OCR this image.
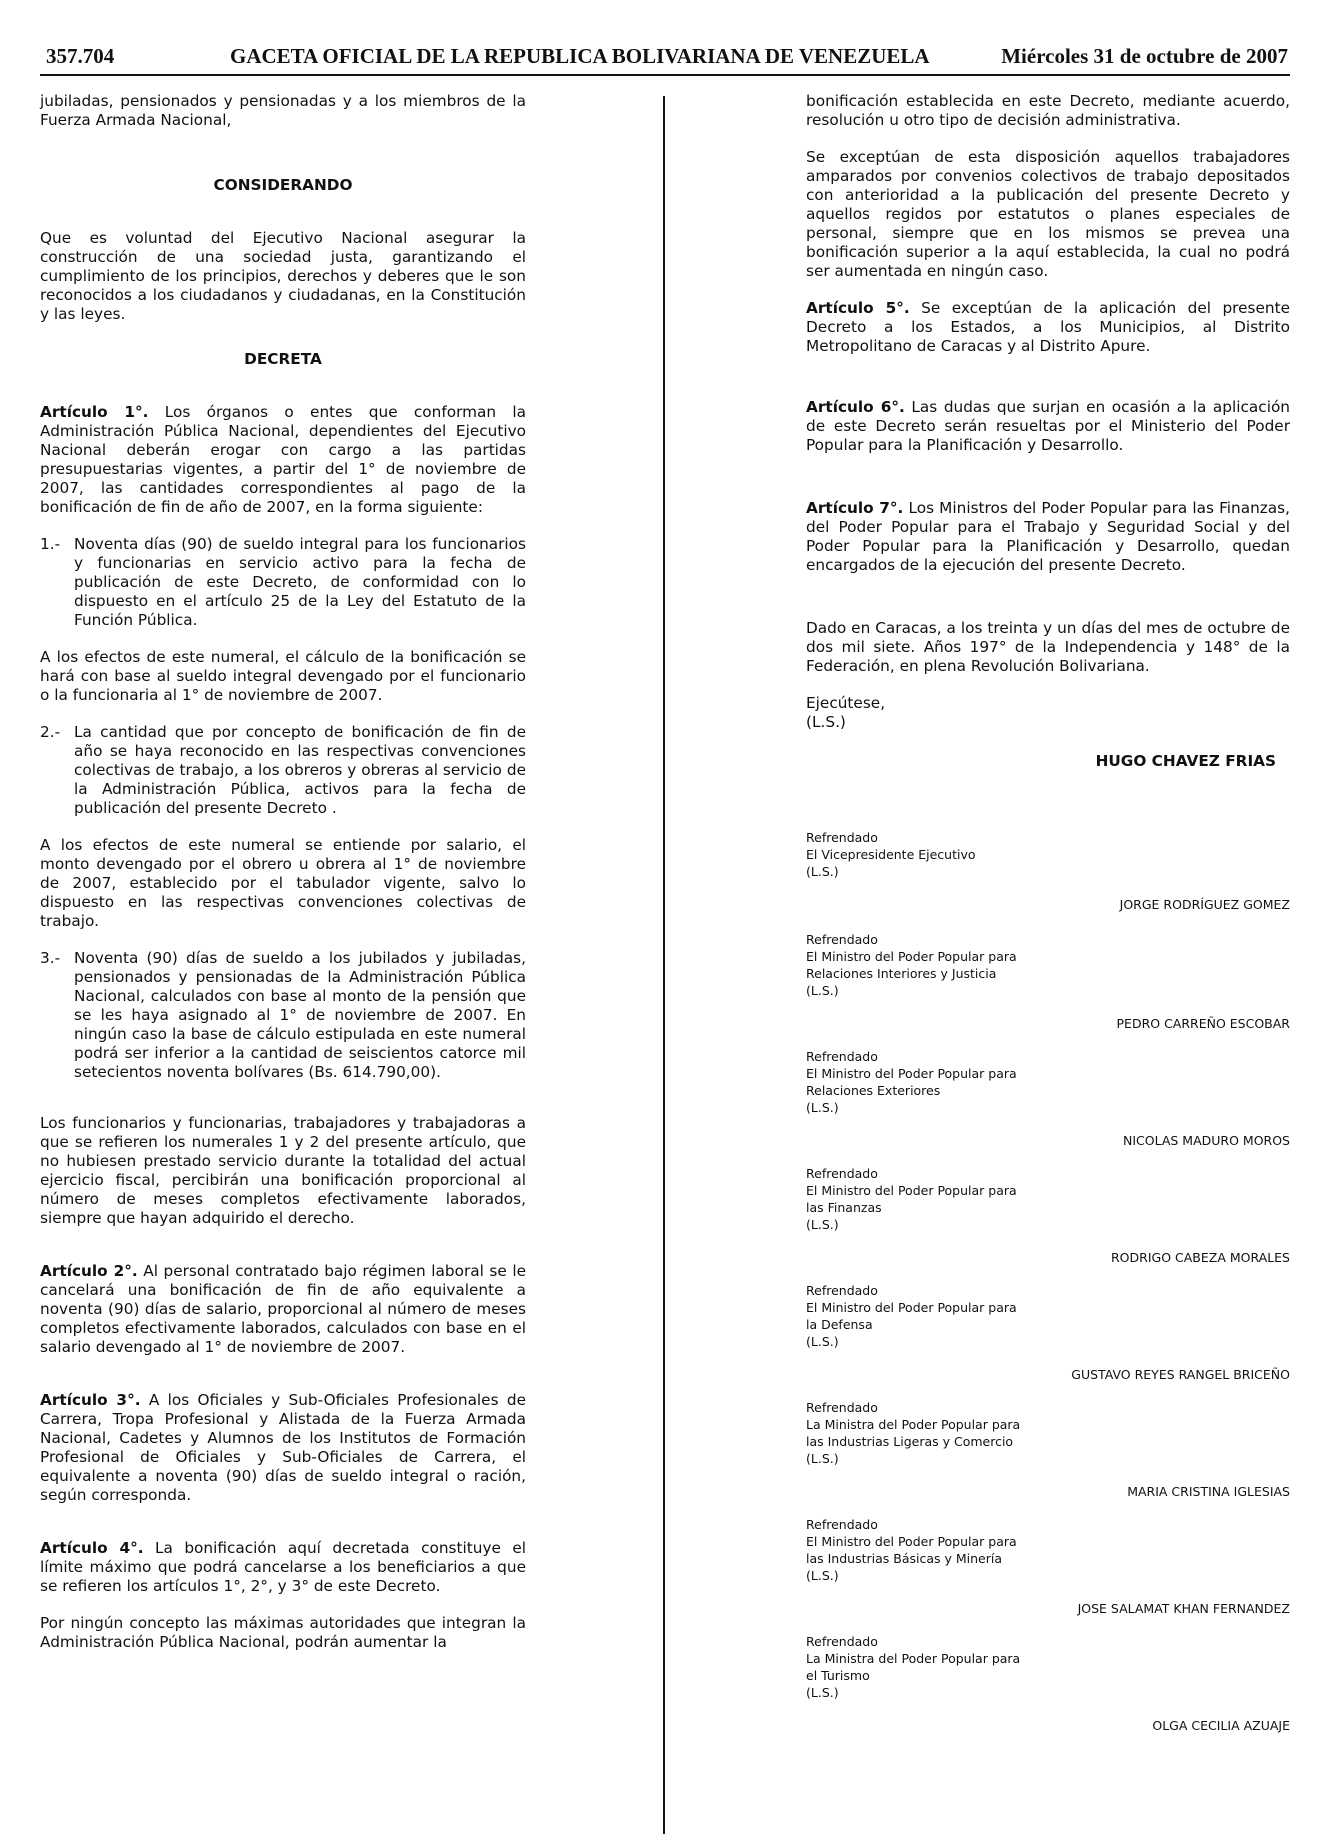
357.704	GACETA OFICIAL DE LA REPUBLICA BOLIVARIANA DE VENEZUELA	Miércoles 31 de octubre de 2007

jubiladas, pensionados y pensionadas y a los miembros de la Fuerza Armada Nacional,

CONSIDERANDO

Que es voluntad del Ejecutivo Nacional asegurar la construcción de una sociedad justa, garantizando el cumplimiento de los principios, derechos y deberes que le son reconocidos a los ciudadanos y ciudadanas, en la Constitución y las leyes.

DECRETA

Artículo 1°. Los órganos o entes que conforman la Administración Pública Nacional, dependientes del Ejecutivo Nacional deberán erogar con cargo a las partidas presupuestarias vigentes, a partir del 1° de noviembre de 2007, las cantidades correspondientes al pago de la bonificación de fin de año de 2007, en la forma siguiente:

1.- Noventa días (90) de sueldo integral para los funcionarios y funcionarias en servicio activo para la fecha de publicación de este Decreto, de conformidad con lo dispuesto en el artículo 25 de la Ley del Estatuto de la Función Pública.

A los efectos de este numeral, el cálculo de la bonificación se hará con base al sueldo integral devengado por el funcionario o la funcionaria al 1° de noviembre de 2007.

2.- La cantidad que por concepto de bonificación de fin de año se haya reconocido en las respectivas convenciones colectivas de trabajo, a los obreros y obreras al servicio de la Administración Pública, activos para la fecha de publicación del presente Decreto .

A los efectos de este numeral se entiende por salario, el monto devengado por el obrero u obrera al 1° de noviembre de 2007, establecido por el tabulador vigente, salvo lo dispuesto en las respectivas convenciones colectivas de trabajo.

3.- Noventa (90) días de sueldo a los jubilados y jubiladas, pensionados y pensionadas de la Administración Pública Nacional, calculados con base al monto de la pensión que se les haya asignado al 1° de noviembre de 2007. En ningún caso la base de cálculo estipulada en este numeral podrá ser inferior a la cantidad de seiscientos catorce mil setecientos noventa bolívares (Bs. 614.790,00).

Los funcionarios y funcionarias, trabajadores y trabajadoras a que se refieren los numerales 1 y 2 del presente artículo, que no hubiesen prestado servicio durante la totalidad del actual ejercicio fiscal, percibirán una bonificación proporcional al número de meses completos efectivamente laborados, siempre que hayan adquirido el derecho.

Artículo 2°. Al personal contratado bajo régimen laboral se le cancelará una bonificación de fin de año equivalente a noventa (90) días de salario, proporcional al número de meses completos efectivamente laborados, calculados con base en el salario devengado al 1° de noviembre de 2007.

Artículo 3°. A los Oficiales y Sub-Oficiales Profesionales de Carrera, Tropa Profesional y Alistada de la Fuerza Armada Nacional, Cadetes y Alumnos de los Institutos de Formación Profesional de Oficiales y Sub-Oficiales de Carrera, el equivalente a noventa (90) días de sueldo integral o ración, según corresponda.

Artículo 4°. La bonificación aquí decretada constituye el límite máximo que podrá cancelarse a los beneficiarios a que se refieren los artículos 1°, 2°, y 3° de este Decreto.

Por ningún concepto las máximas autoridades que integran la Administración Pública Nacional, podrán aumentar la

bonificación establecida en este Decreto, mediante acuerdo, resolución u otro tipo de decisión administrativa.

Se exceptúan de esta disposición aquellos trabajadores amparados por convenios colectivos de trabajo depositados con anterioridad a la publicación del presente Decreto y aquellos regidos por estatutos o planes especiales de personal, siempre que en los mismos se prevea una bonificación superior a la aquí establecida, la cual no podrá ser aumentada en ningún caso.

Artículo 5°. Se exceptúan de la aplicación del presente Decreto a los Estados, a los Municipios, al Distrito Metropolitano de Caracas y al Distrito Apure.

Artículo 6°. Las dudas que surjan en ocasión a la aplicación de este Decreto serán resueltas por el Ministerio del Poder Popular para la Planificación y Desarrollo.

Artículo 7°. Los Ministros del Poder Popular para las Finanzas, del Poder Popular para el Trabajo y Seguridad Social y del Poder Popular para la Planificación y Desarrollo, quedan encargados de la ejecución del presente Decreto.

Dado en Caracas, a los treinta y un días del mes de octubre de dos mil siete. Años 197° de la Independencia y 148° de la Federación, en plena Revolución Bolivariana.

Ejecútese,

(L.S.)

HUGO CHAVEZ FRIAS

Refrendado
El Vicepresidente Ejecutivo
(L.S.)
JORGE RODRÍGUEZ GOMEZ
Refrendado
El Ministro del Poder Popular para
Relaciones Interiores y Justicia
(L.S.)
PEDRO CARREÑO ESCOBAR
Refrendado
El Ministro del Poder Popular para
Relaciones Exteriores
(L.S.)
NICOLAS MADURO MOROS
Refrendado
El Ministro del Poder Popular para
las Finanzas
(L.S.)
RODRIGO CABEZA MORALES
Refrendado
El Ministro del Poder Popular para
la Defensa
(L.S.)
GUSTAVO REYES RANGEL BRICEÑO
Refrendado
La Ministra del Poder Popular para
las Industrias Ligeras y Comercio
(L.S.)
MARIA CRISTINA IGLESIAS
Refrendado
El Ministro del Poder Popular para
las Industrias Básicas y Minería
(L.S.)
JOSE SALAMAT KHAN FERNANDEZ
Refrendado
La Ministra del Poder Popular para
el Turismo
(L.S.)
OLGA CECILIA AZUAJE
